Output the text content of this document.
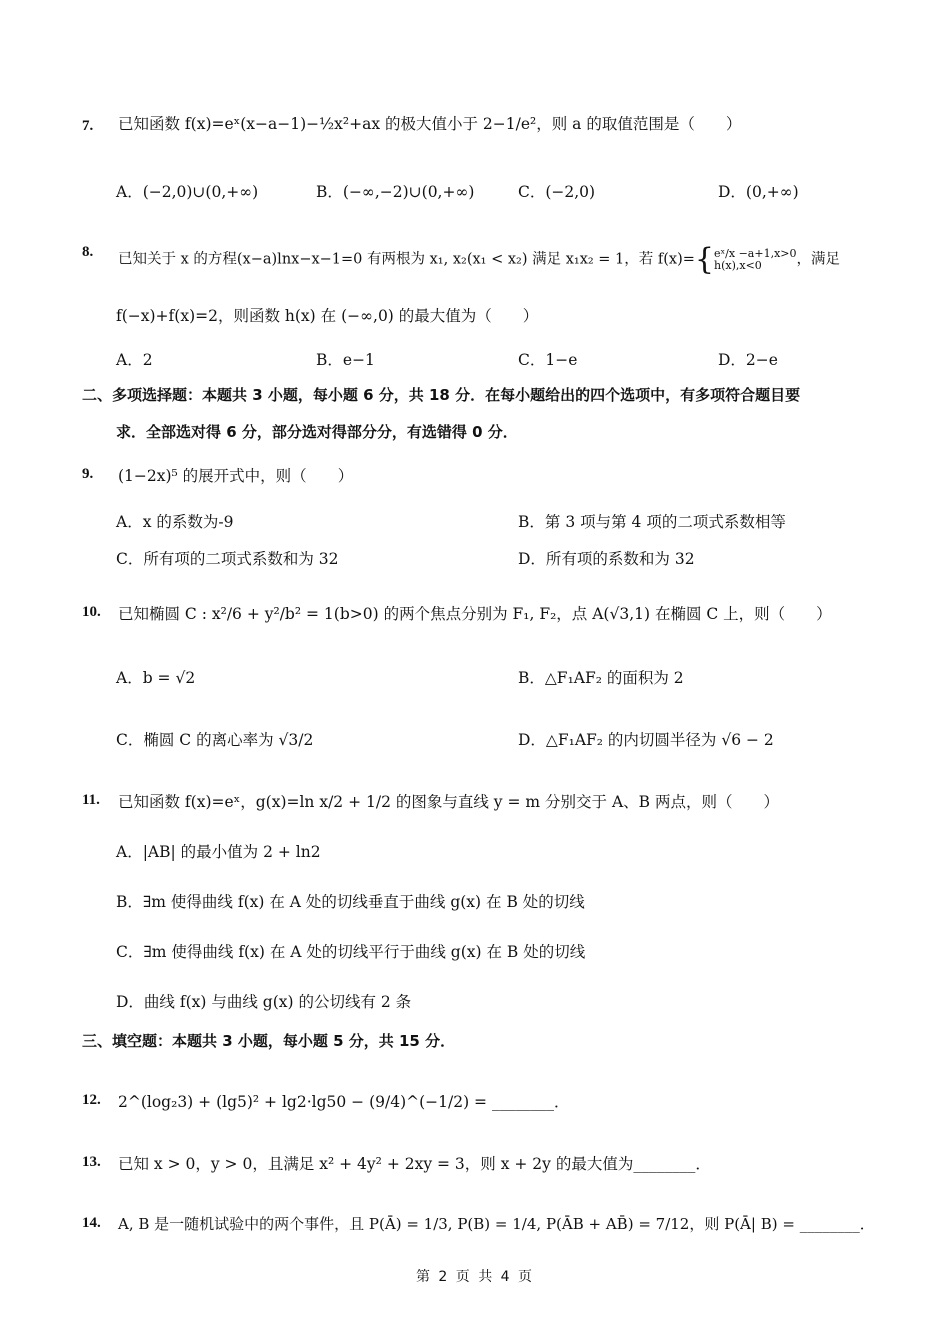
7. 已知函数 f(x)=eˣ(x−a−1)−½x²+ax 的极大值小于 2−1/e²，则 a 的取值范围是（　　）
A．(−2,0)∪(0,+∞)	B．(−∞,−2)∪(0,+∞)	C．(−2,0)	D．(0,+∞)
8. 已知关于 x 的方程(x−a)lnx−x−1=0 有两根为 x₁, x₂(x₁ < x₂) 满足 x₁x₂ = 1，若 f(x)={ eˣ/x −a+1,x>0
h(x),x<0	，满足
f(−x)+f(x)=2，则函数 h(x) 在 (−∞,0) 的最大值为（　　）
A．2	B．e−1	C．1−e	D．2−e
二、多项选择题：本题共 3 小题，每小题 6 分，共 18 分．在每小题给出的四个选项中，有多项符合题目要
求．全部选对得 6 分，部分选对得部分分，有选错得 0 分．
9. (1−2x)⁵ 的展开式中，则（　　）
A．x 的系数为-9	B．第 3 项与第 4 项的二项式系数相等
C．所有项的二项式系数和为 32	D．所有项的系数和为 32
10. 已知椭圆 C : x²/6 + y²/b² = 1(b>0) 的两个焦点分别为 F₁, F₂，点 A(√3,1) 在椭圆 C 上，则（　　）
A．b = √2	B．△F₁AF₂ 的面积为 2
C．椭圆 C 的离心率为 √3/2	D．△F₁AF₂ 的内切圆半径为 √6 − 2
11. 已知函数 f(x)=eˣ，g(x)=ln x/2 + 1/2 的图象与直线 y = m 分别交于 A、B 两点，则（　　）
A．|AB| 的最小值为 2 + ln2
B．∃m 使得曲线 f(x) 在 A 处的切线垂直于曲线 g(x) 在 B 处的切线
C．∃m 使得曲线 f(x) 在 A 处的切线平行于曲线 g(x) 在 B 处的切线
D．曲线 f(x) 与曲线 g(x) 的公切线有 2 条
三、填空题：本题共 3 小题，每小题 5 分，共 15 分．
12. 2^(log₂3) + (lg5)² + lg2·lg50 − (9/4)^(−1/2) = ________．
13. 已知 x > 0，y > 0，且满足 x² + 4y² + 2xy = 3，则 x + 2y 的最大值为________．
14. A, B 是一随机试验中的两个事件，且 P(Ā) = 1/3, P(B) = 1/4, P(ĀB + AB̄) = 7/12，则 P(Ā| B) = ________．
第 2 页 共 4 页
